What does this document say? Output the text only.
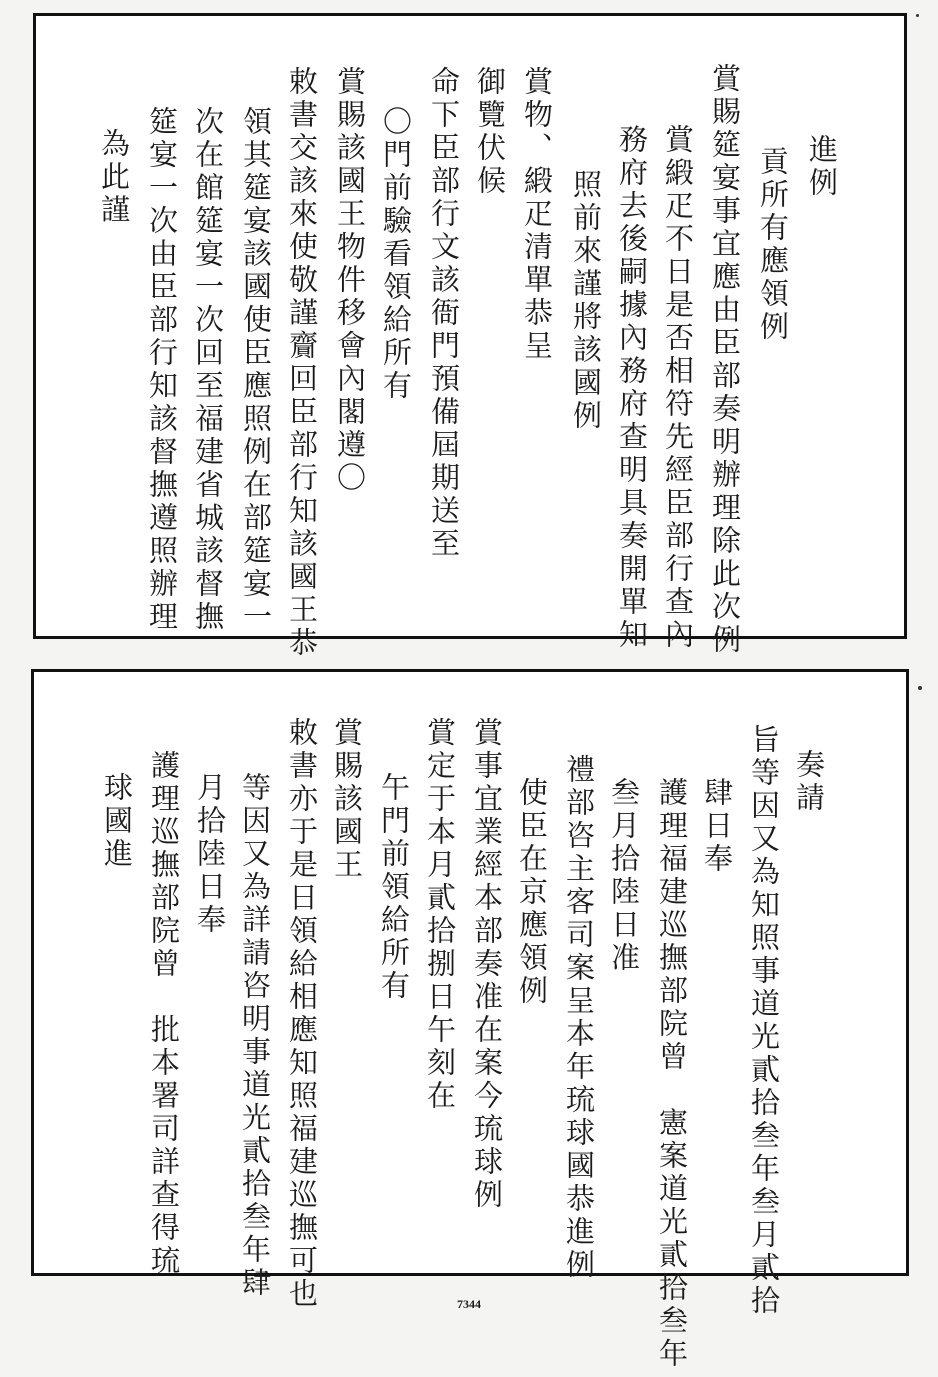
進例
貢所有應領例
賞賜筵宴事宜應由臣部奏明辦理除此次例
賞緞疋不日是否相符先經臣部行查內
務府去後嗣據內務府查明具奏開單知
照前來謹將該國例
賞物、緞疋清單恭呈
御覽伏候
命下臣部行文該衙門預備屆期送至
〇門前驗看領給所有
賞賜該國王物件移會內閣遵〇
敕書交該來使敬謹齎回臣部行知該國王恭
領其筵宴該國使臣應照例在部筵宴一
次在館筵宴一次回至福建省城該督撫
筵宴一次由臣部行知該督撫遵照辦理
為此謹
奏請
旨等因又為知照事道光貳拾叁年叁月貳拾
肆日奉
護理福建巡撫部院曾　憲案道光貳拾叁年
叁月拾陸日准
禮部咨主客司案呈本年琉球國恭進例
使臣在京應領例
賞事宜業經本部奏准在案今琉球例
賞定于本月貳拾捌日午刻在
午門前領給所有
賞賜該國王
敕書亦于是日領給相應知照福建巡撫可也
等因又為詳請咨明事道光貳拾叁年肆
月拾陸日奉
護理巡撫部院曾　批本署司詳查得琉
球國進
7344
